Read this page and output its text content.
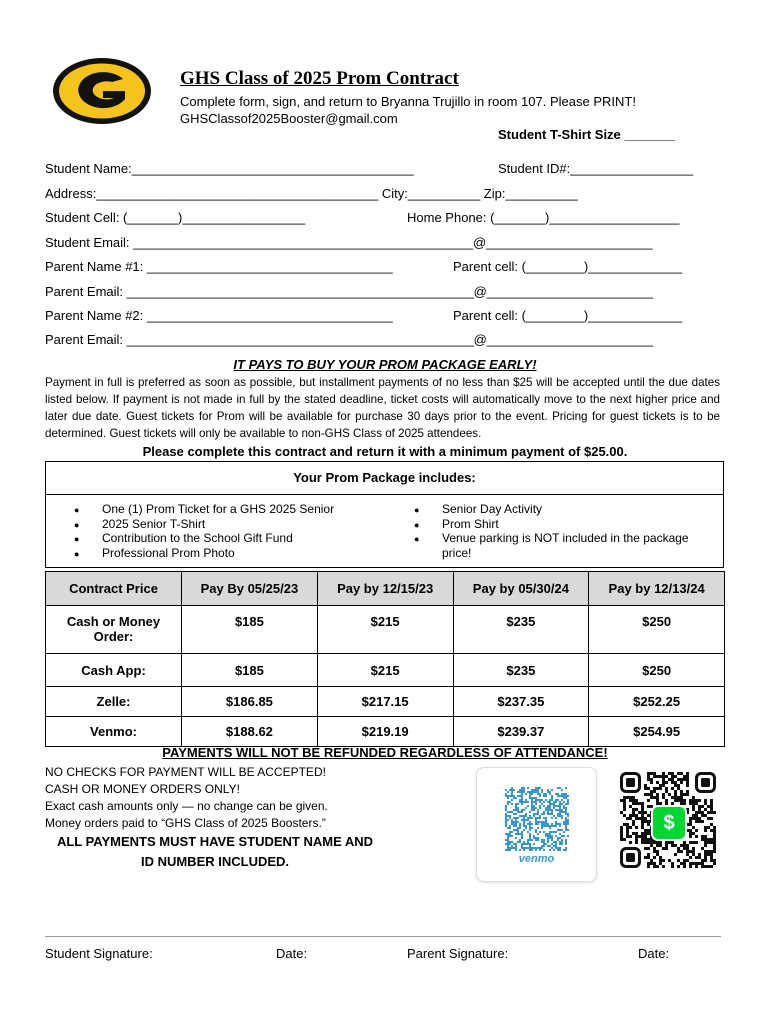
GHS Class of 2025 Prom Contract
Complete form, sign, and return to Bryanna Trujillo in room 107. Please PRINT!
GHSClassof2025Booster@gmail.com
Student T-Shirt Size _______
Student Name:_______________________________________	Student ID#:_________________
Address:_______________________________________ City:__________ Zip:__________
Student Cell: (_______)_________________	Home Phone: (_______)__________________
Student Email: _______________________________________________@_______________________
Parent Name #1: __________________________________	Parent cell: (________)_____________
Parent Email: ________________________________________________@_______________________
Parent Name #2: __________________________________	Parent cell: (________)_____________
Parent Email: ________________________________________________@_______________________
IT PAYS TO BUY YOUR PROM PACKAGE EARLY!
Payment in full is preferred as soon as possible, but installment payments of no less than $25 will be accepted until the due dates listed below. If payment is not made in full by the stated deadline, ticket costs will automatically move to the next higher price and later due date. Guest tickets for Prom will be available for purchase 30 days prior to the event. Pricing for guest tickets is to be determined. Guest tickets will only be available to non-GHS Class of 2025 attendees.
Please complete this contract and return it with a minimum payment of $25.00.
Your Prom Package includes:
● One (1) Prom Ticket for a GHS 2025 Senior
● 2025 Senior T-Shirt
● Contribution to the School Gift Fund
● Professional Prom Photo
● Senior Day Activity
● Prom Shirt
● Venue parking is NOT included in the package price!
Contract Price	Pay By 05/25/23	Pay by 12/15/23	Pay by 05/30/24	Pay by 12/13/24
Cash or Money Order:	$185	$215	$235	$250
Cash App:	$185	$215	$235	$250
Zelle:	$186.85	$217.15	$237.35	$252.25
Venmo:	$188.62	$219.19	$239.37	$254.95
PAYMENTS WILL NOT BE REFUNDED REGARDLESS OF ATTENDANCE!
NO CHECKS FOR PAYMENT WILL BE ACCEPTED!
CASH OR MONEY ORDERS ONLY!
Exact cash amounts only — no change can be given.
Money orders paid to “GHS Class of 2025 Boosters.”
ALL PAYMENTS MUST HAVE STUDENT NAME AND
ID NUMBER INCLUDED.	venmo
$
Student Signature:	Date:	Parent Signature:	Date:
